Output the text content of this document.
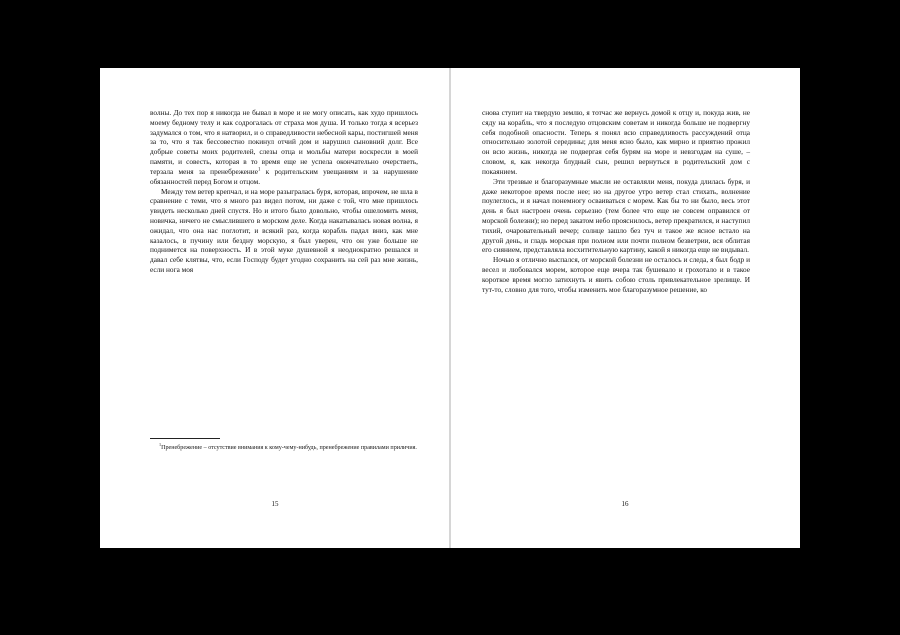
волны. До тех пор я никогда не бывал в море и не могу описать, как худо пришлось моему бедному телу и как содрогалась от страха моя душа. И только тогда я всерьез задумался о том, что я натворил, и о справедливости небесной кары, постигшей меня за то, что я так бессовестно покинул отчий дом и нарушил сыновний долг. Все добрые советы моих родителей, слезы отца и мольбы матери воскресли в моей памяти, и совесть, которая в то время еще не успела окончательно очерстветь, терзала меня за пренебрежение$^1$ к родительским увещаниям и за нарушение обязанностей перед Богом и отцом.

Между тем ветер крепчал, и на море разыгралась буря, которая, впрочем, не шла в сравнение с теми, что я много раз видел потом, ни даже с той, что мне пришлось увидеть несколько дней спустя. Но и итого было довольно, чтобы ошеломить меня, новичка, ничего не смыслившего в морском деле. Когда накатывалась новая волна, я ожидал, что она нас поглотит, и всякий раз, когда корабль падал вниз, как мне казалось, в пучину или бездну морскую, я был уверен, что он уже больше не поднимется на поверхность. И в этой муке душевной я неоднократно решался и давал себе клятвы, что, если Господу будет угодно сохранить на сей раз мне жизнь, если нога моя

$^1$Пренебрежение – отсутствие внимания к кому-чему-нибудь, пренебрежение правилами приличия.
15

снова ступит на твердую землю, я тотчас же вернусь домой к отцу и, покуда жив, не сяду на корабль, что я последую отцовским советам и никогда больше не подвергну себя подобной опасности. Теперь я понял всю справедливость рассуждений отца относительно золотой середины; для меня ясно было, как мирно и приятно прожил он всю жизнь, никогда не подвергая себя бурям на море и невзгодам на суше, – словом, я, как некогда блудный сын, решил вернуться в родительский дом с покаянием.

Эти трезвые и благоразумные мысли не оставляли меня, покуда длилась буря, и даже некоторое время после нее; но на другое утро ветер стал стихать, волнение поулеглось, и я начал понемногу осваиваться с морем. Как бы то ни было, весь этот день я был настроен очень серьезно (тем более что еще не совсем оправился от морской болезни); но перед закатом небо прояснилось, ветер прекратился, и наступил тихий, очаровательный вечер; солнце зашло без туч и такое же ясное встало на другой день, и гладь морская при полном или почти полном безветрии, вся облитая его сиянием, представляла восхитительную картину, какой я никогда еще не видывал.

Ночью я отлично выспался, от морской болезни не осталось и следа, я был бодр и весел и любовался морем, которое еще вчера так бушевало и грохотало и в такое короткое время могло затихнуть и явить собою столь привлекательное зрелище. И тут-то, словно для того, чтобы изменить мое благоразумное решение, ко

16
